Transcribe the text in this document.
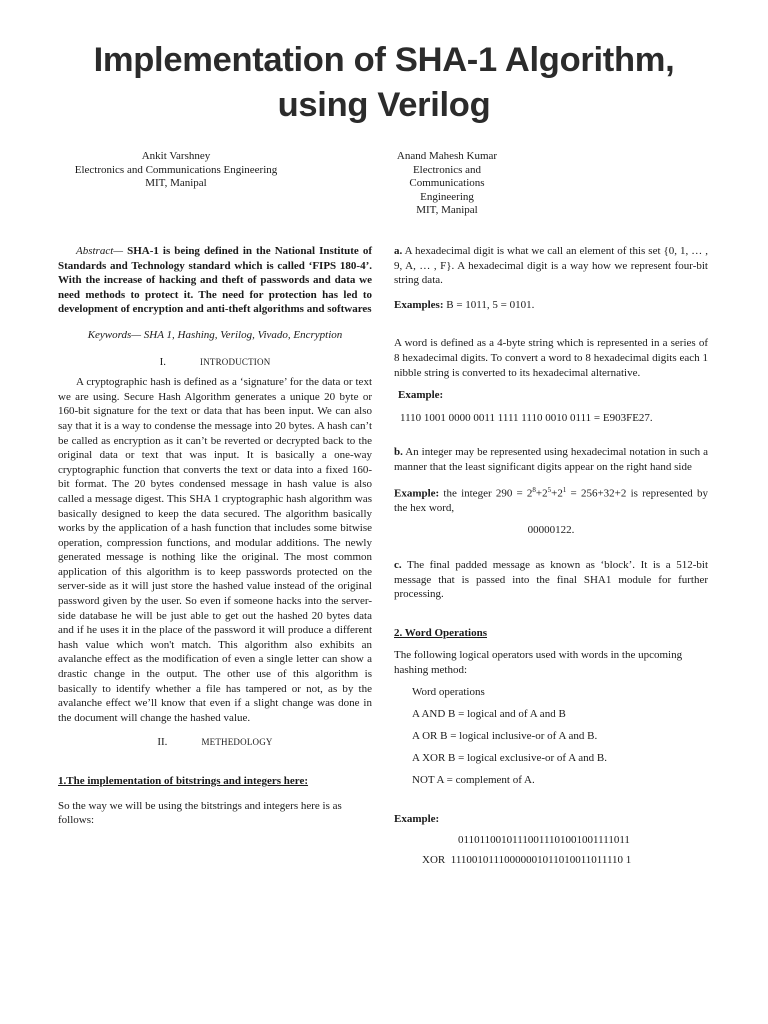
Implementation of SHA-1 Algorithm,
using Verilog
Ankit Varshney
Electronics and Communications Engineering
MIT, Manipal
Anand Mahesh Kumar
Electronics and
Communications
Engineering
MIT, Manipal

Abstract— SHA-1 is being defined in the National Institute of Standards and Technology standard which is called ‘FIPS 180-4’. With the increase of hacking and theft of passwords and data we need methods to protect it. The need for protection has led to development of encryption and anti-theft algorithms and softwares

Keywords— SHA 1, Hashing, Verilog, Vivado, Encryption

I.	INTRODUCTION

A cryptographic hash is defined as a ‘signature’ for the data or text we are using. Secure Hash Algorithm generates a unique 20 byte or 160-bit signature for the text or data that has been input. We can also say that it is a way to condense the message into 20 bytes. A hash can’t be called as encryption as it can’t be reverted or decrypted back to the original data or text that was input. It is basically a one-way cryptographic function that converts the text or data into a fixed 160-bit format. The 20 bytes condensed message in hash value is also called a message digest. This SHA 1 cryptographic hash algorithm was basically designed to keep the data secured. The algorithm basically works by the application of a hash function that includes some bitwise operation, compression functions, and modular additions. The newly generated message is nothing like the original. The most common application of this algorithm is to keep passwords protected on the server-side as it will just store the hashed value instead of the original password given by the user. So even if someone hacks into the server-side database he will be just able to get out the hashed 20 bytes data and if he uses it in the place of the password it will produce a different hash value which won't match. This algorithm also exhibits an avalanche effect as the modification of even a single letter can show a drastic change in the output. The other use of this algorithm is basically to identify whether a file has tampered or not, as by the avalanche effect we’ll know that even if a slight change was done in the document will change the hashed value.

II.	METHEDOLOGY

1.The implementation of bitstrings and integers here:

So the way we will be using the bitstrings and integers here is as follows:

a. A hexadecimal digit is what we call an element of this set {0, 1, … , 9, A, … , F}. A hexadecimal digit is a way how we represent four-bit string data.

Examples: B = 1011, 5 = 0101.

A word is defined as a 4-byte string which is represented in a series of 8 hexadecimal digits. To convert a word to 8 hexadecimal digits each 1 nibble string is converted to its hexadecimal alternative.

Example:

1110 1001 0000 0011 1111 1110 0010 0111 = E903FE27.

b. An integer may be represented using hexadecimal notation in such a manner that the least significant digits appear on the right hand side

Example: the integer $290 = 2^8+2^5+2^1 = 256+32+2$ is represented by the hex word,

00000122.

c. The final padded message as known as ‘block’. It is a 512-bit message that is passed into the final SHA1 module for further processing.

2. Word Operations

The following logical operators used with words in the upcoming hashing method:

Word operations
A AND B = logical and of A and B
A OR B = logical inclusive-or of A and B.
A XOR B = logical exclusive-or of A and B.
NOT A = complement of A.

Example:

01101100101110011101001001111011

XOR 11100101110000001011010011011110 1
